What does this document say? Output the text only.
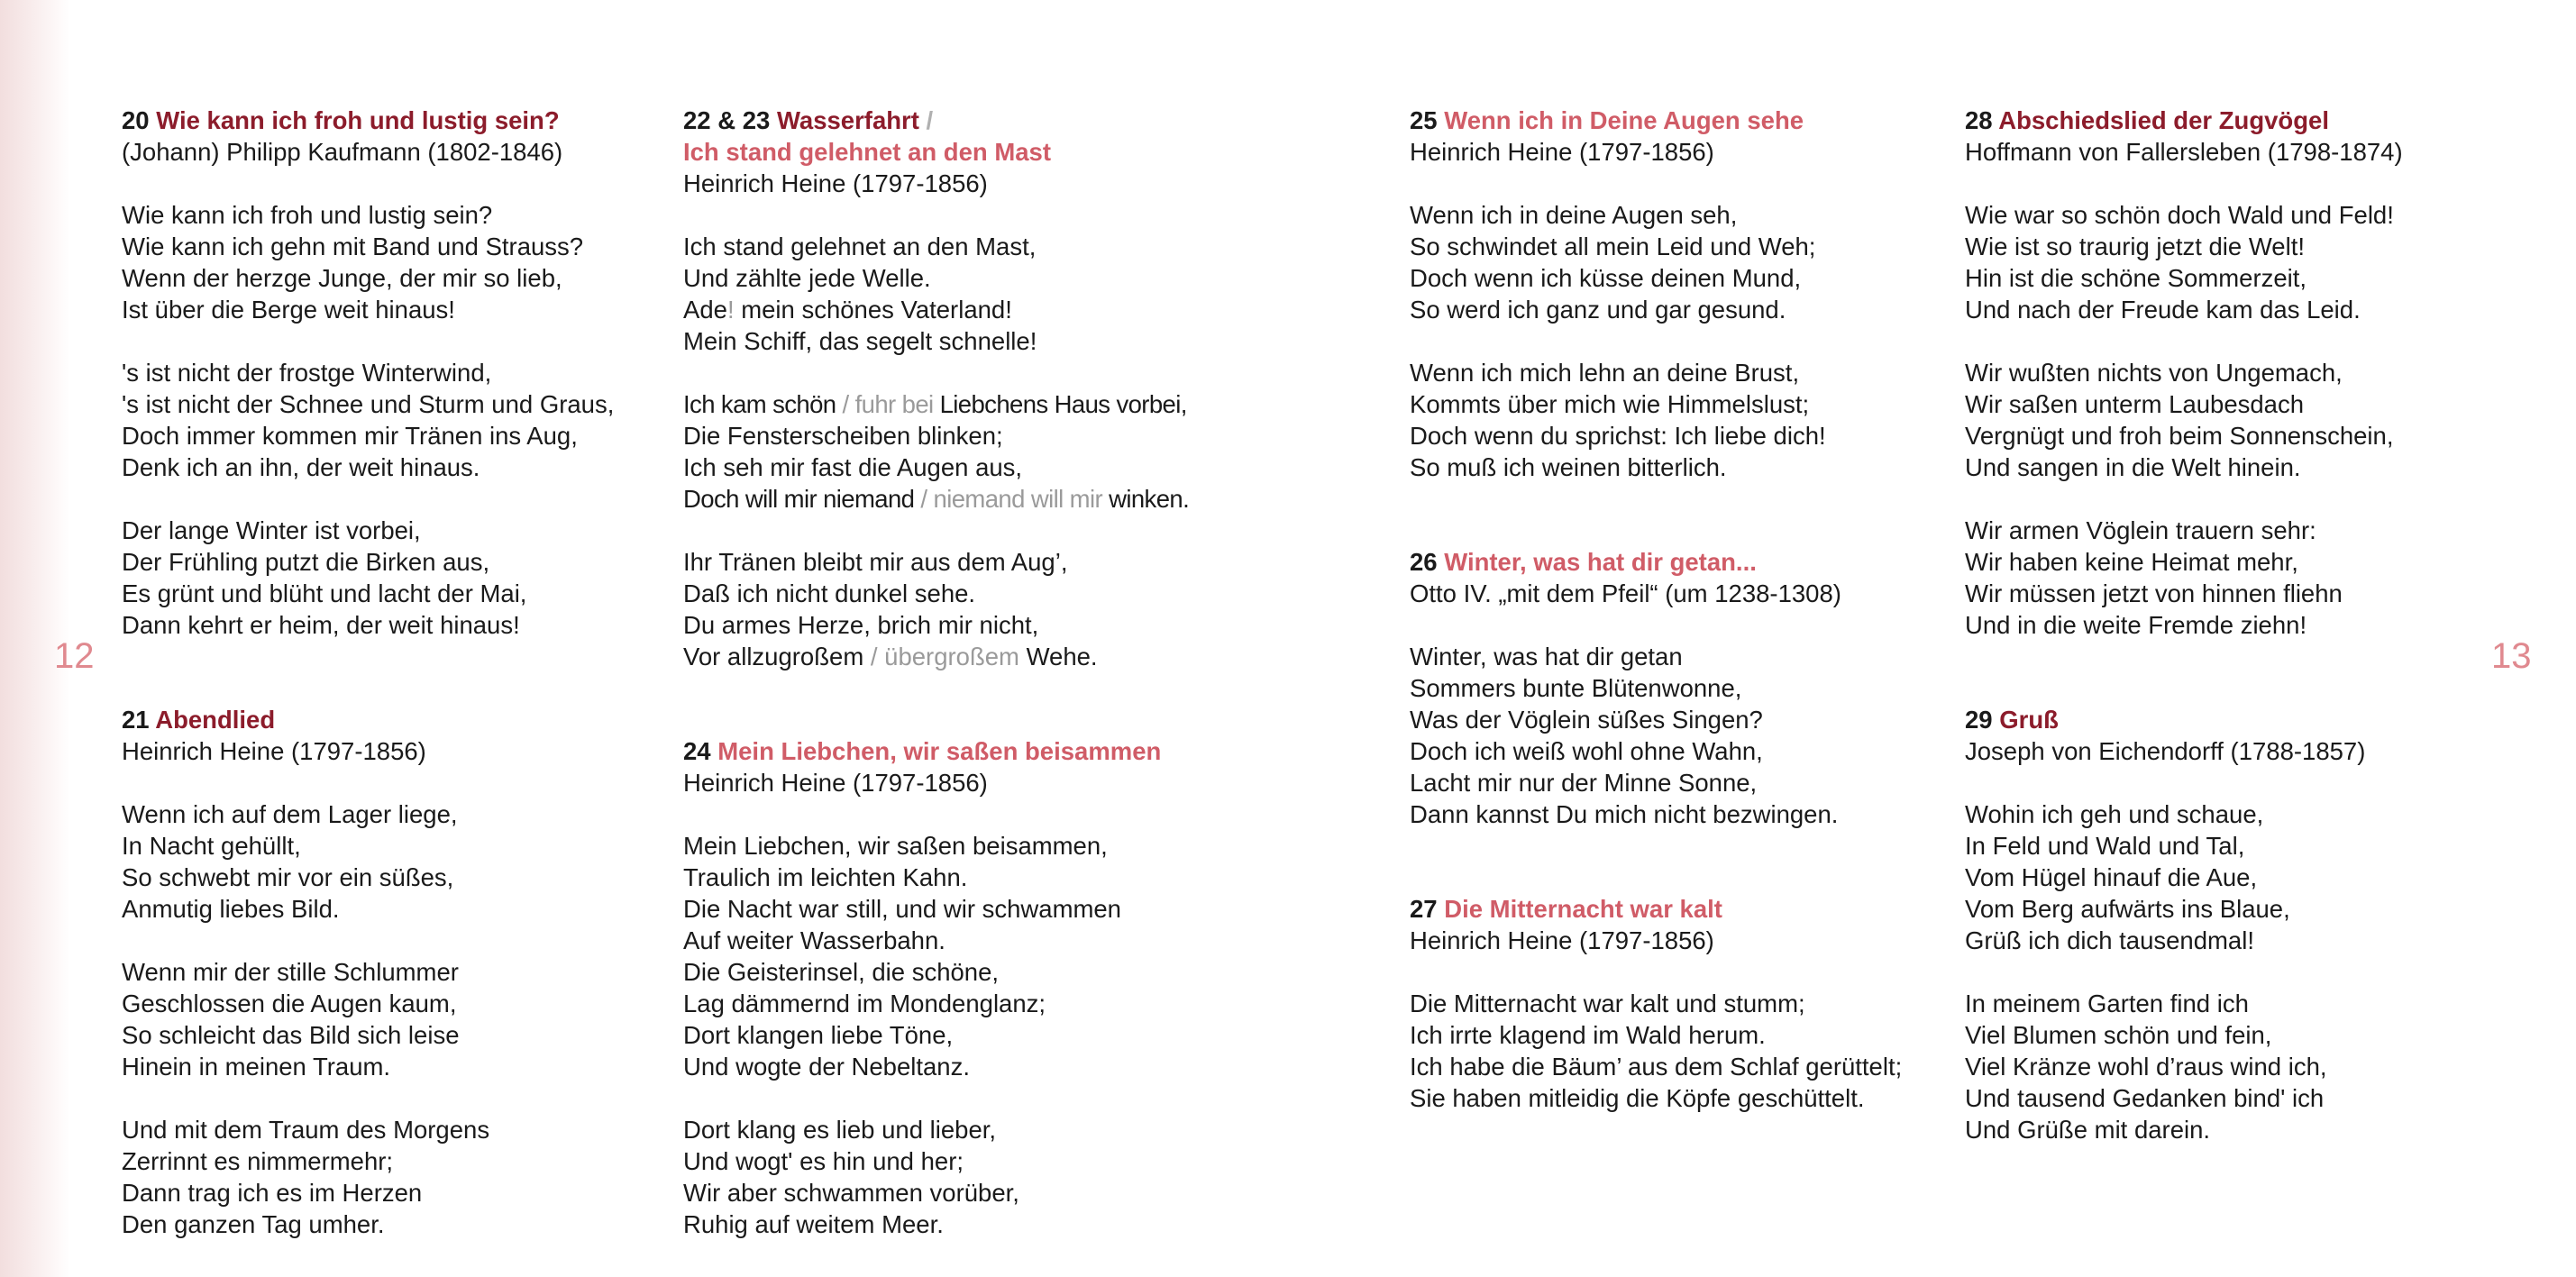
12	13
20 Wie kann ich froh und lustig sein?
(Johann) Philipp Kaufmann (1802-1846)
Wie kann ich froh und lustig sein?
Wie kann ich gehn mit Band und Strauss?
Wenn der herzge Junge, der mir so lieb,
Ist über die Berge weit hinaus!
's ist nicht der frostge Winterwind,
's ist nicht der Schnee und Sturm und Graus,
Doch immer kommen mir Tränen ins Aug,
Denk ich an ihn, der weit hinaus.
Der lange Winter ist vorbei,
Der Frühling putzt die Birken aus,
Es grünt und blüht und lacht der Mai,
Dann kehrt er heim, der weit hinaus!
21 Abendlied
Heinrich Heine (1797-1856)
Wenn ich auf dem Lager liege,
In Nacht gehüllt,
So schwebt mir vor ein süßes,
Anmutig liebes Bild.
Wenn mir der stille Schlummer
Geschlossen die Augen kaum,
So schleicht das Bild sich leise
Hinein in meinen Traum.
Und mit dem Traum des Morgens
Zerrinnt es nimmermehr;
Dann trag ich es im Herzen
Den ganzen Tag umher.
22 & 23 Wasserfahrt /
Ich stand gelehnet an den Mast
Heinrich Heine (1797-1856)
Ich stand gelehnet an den Mast,
Und zählte jede Welle.
Ade! mein schönes Vaterland!
Mein Schiff, das segelt schnelle!
Ich kam schön / fuhr bei Liebchens Haus vorbei,
Die Fensterscheiben blinken;
Ich seh mir fast die Augen aus,
Doch will mir niemand / niemand will mir winken.
Ihr Tränen bleibt mir aus dem Aug’,
Daß ich nicht dunkel sehe.
Du armes Herze, brich mir nicht,
Vor allzugroßem / übergroßem Wehe.
24 Mein Liebchen, wir saßen beisammen
Heinrich Heine (1797-1856)
Mein Liebchen, wir saßen beisammen,
Traulich im leichten Kahn.
Die Nacht war still, und wir schwammen
Auf weiter Wasserbahn.
Die Geisterinsel, die schöne,
Lag dämmernd im Mondenglanz;
Dort klangen liebe Töne,
Und wogte der Nebeltanz.
Dort klang es lieb und lieber,
Und wogt' es hin und her;
Wir aber schwammen vorüber,
Ruhig auf weitem Meer.
25 Wenn ich in Deine Augen sehe
Heinrich Heine (1797-1856)
Wenn ich in deine Augen seh,
So schwindet all mein Leid und Weh;
Doch wenn ich küsse deinen Mund,
So werd ich ganz und gar gesund.
Wenn ich mich lehn an deine Brust,
Kommts über mich wie Himmelslust;
Doch wenn du sprichst: Ich liebe dich!
So muß ich weinen bitterlich.
26 Winter, was hat dir getan...
Otto IV. „mit dem Pfeil“ (um 1238-1308)
Winter, was hat dir getan
Sommers bunte Blütenwonne,
Was der Vöglein süßes Singen?
Doch ich weiß wohl ohne Wahn,
Lacht mir nur der Minne Sonne,
Dann kannst Du mich nicht bezwingen.
27 Die Mitternacht war kalt
Heinrich Heine (1797-1856)
Die Mitternacht war kalt und stumm;
Ich irrte klagend im Wald herum.
Ich habe die Bäum’ aus dem Schlaf gerüttelt;
Sie haben mitleidig die Köpfe geschüttelt.
28 Abschiedslied der Zugvögel
Hoffmann von Fallersleben (1798-1874)
Wie war so schön doch Wald und Feld!
Wie ist so traurig jetzt die Welt!
Hin ist die schöne Sommerzeit,
Und nach der Freude kam das Leid.
Wir wußten nichts von Ungemach,
Wir saßen unterm Laubesdach
Vergnügt und froh beim Sonnenschein,
Und sangen in die Welt hinein.
Wir armen Vöglein trauern sehr:
Wir haben keine Heimat mehr,
Wir müssen jetzt von hinnen fliehn
Und in die weite Fremde ziehn!
29 Gruß
Joseph von Eichendorff (1788-1857)
Wohin ich geh und schaue,
In Feld und Wald und Tal,
Vom Hügel hinauf die Aue,
Vom Berg aufwärts ins Blaue,
Grüß ich dich tausendmal!
In meinem Garten find ich
Viel Blumen schön und fein,
Viel Kränze wohl d’raus wind ich,
Und tausend Gedanken bind' ich
Und Grüße mit darein.
